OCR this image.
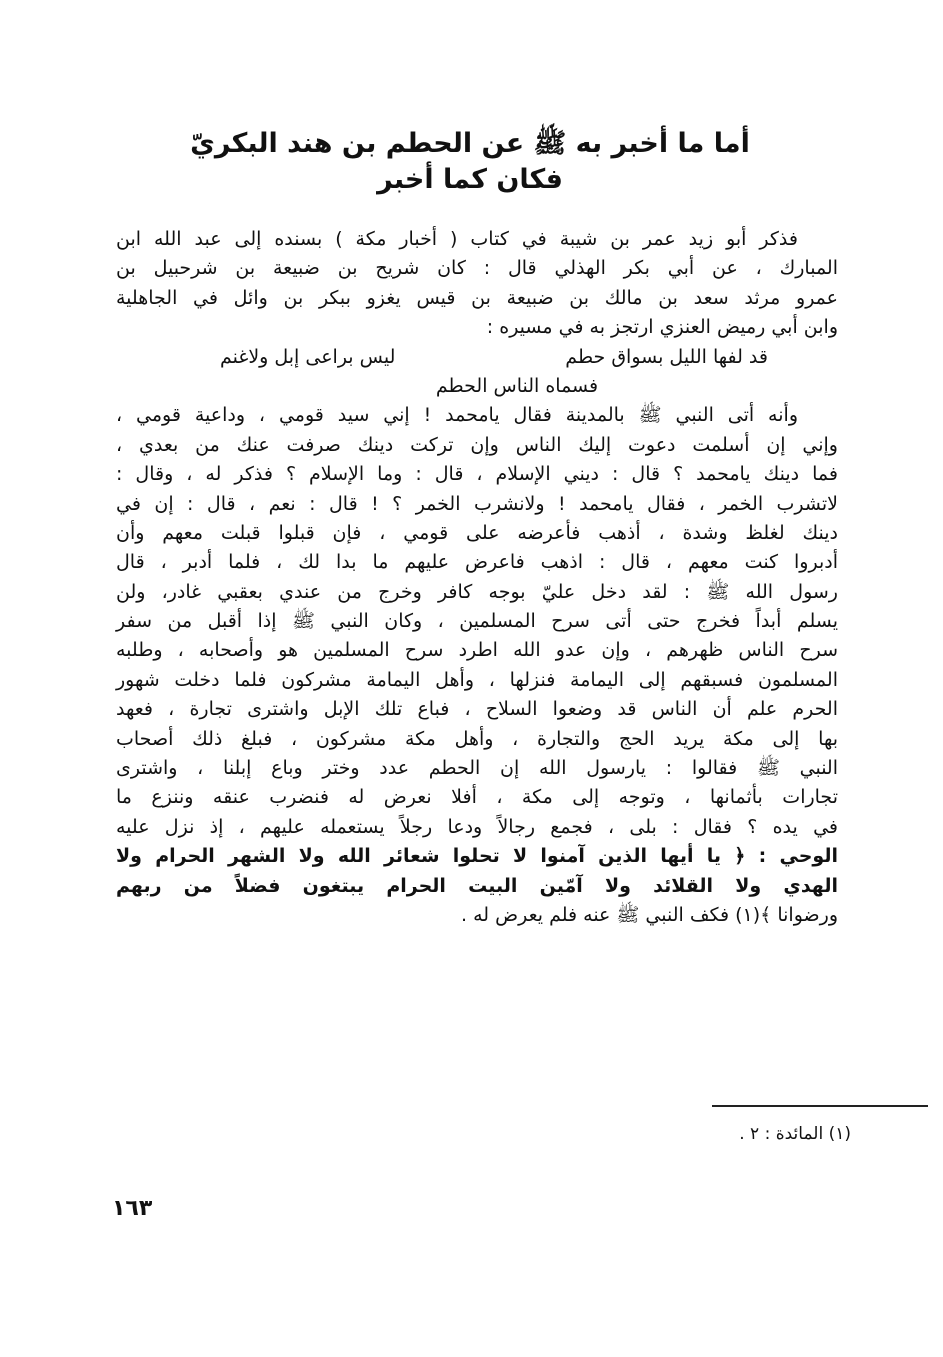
أما ما أخبر به ﷺ عن الحطم بن هند البكريّ
فكان كما أخبر
فذكر أبو زيد عمر بن شيبة في كتاب ( أخبار مكة ) بسنده إلى عبد الله ابن
المبارك ، عن أبي بكر الهذلي قال : كان شريح بن ضبيعة بن شرحبيل بن
عمرو مرثد سعد بن مالك بن ضبيعة بن قيس يغزو ببكر بن وائل في الجاهلية
وابن أبي رميض العنزي ارتجز به في مسيره :
قد لفها الليل بسواق حطم
ليس براعى إبل ولاغنم
فسماه الناس الحطم
وأنه أتى النبي ﷺ بالمدينة فقال يامحمد ! إني سيد قومي ، وداعية قومي ،
وإني إن أسلمت دعوت إليك الناس وإن تركت دينك صرفت عنك من بعدي ،
فما دينك يامحمد ؟ قال : ديني الإسلام ، قال : وما الإسلام ؟ فذكر له ، وقال :
لاتشرب الخمر ، فقال يامحمد ! ولانشرب الخمر ؟ ! قال : نعم ، قال : إن في
دينك لغلظ وشدة ، أذهب فأعرضه على قومي ، فإن قبلوا قبلت معهم وأن
أدبروا كنت معهم ، قال : اذهب فاعرض عليهم ما بدا لك ، فلما أدبر ، قال
رسول الله ﷺ : لقد دخل عليّ بوجه كافر وخرج من عندي بعقبي غادر، ولن
يسلم أبداً فخرج حتى أتى سرح المسلمين ، وكان النبي ﷺ إذا أقبل من سفر
سرح الناس ظهرهم ، وإن عدو الله اطرد سرح المسلمين هو وأصحابه ، وطلبه
المسلمون فسبقهم إلى اليمامة فنزلها ، وأهل اليمامة مشركون فلما دخلت شهور
الحرم علم أن الناس قد وضعوا السلاح ، فباع تلك الإبل واشترى تجارة ، فعهد
بها إلى مكة يريد الحج والتجارة ، وأهل مكة مشركون ، فبلغ ذلك أصحاب
النبي ﷺ فقالوا : يارسول الله إن الحطم عدد وختر وباع إبلنا ، واشترى
تجارات بأثمانها ، وتوجه إلى مكة ، أفلا نعرض له فنضرب عنقه وننزع ما
في يده ؟ فقال : بلى ، فجمع رجالاً ودعا رجلاً يستعمله عليهم ، إذ نزل عليه
الوحي : ﴿ يا أيها الذين آمنوا لا تحلوا شعائر الله ولا الشهر الحرام ولا
الهدي ولا القلائد ولا آمّين البيت الحرام يبتغون فضلاً من ربهم
ورضوانا ﴾(١) فكف النبي ﷺ عنه فلم يعرض له .
(١) المائدة : ٢ .
١٦٣
